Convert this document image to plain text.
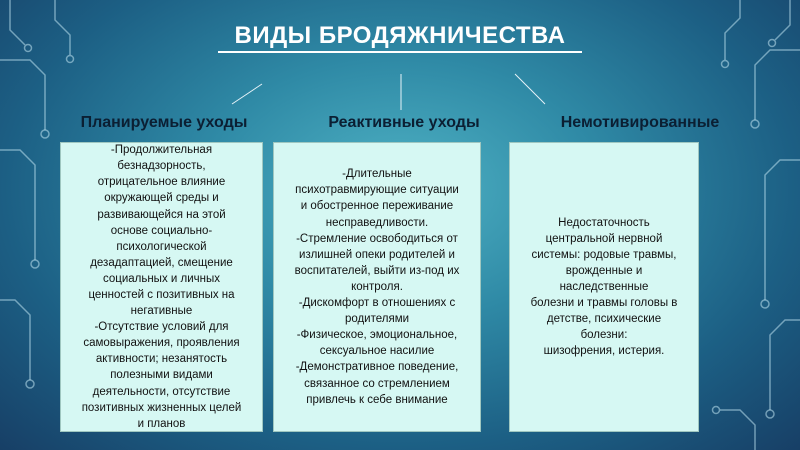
ВИДЫ БРОДЯЖНИЧЕСТВА
Планируемые уходы	Реактивные уходы	Немотивированные

-Продолжительная
безнадзорность,
отрицательное влияние
окружающей среды и
развивающейся на этой
основе социально-
психологической
дезадаптацией, смещение
социальных и личных
ценностей с позитивных на
негативные
-Отсутствие условий для
самовыражения, проявления
активности; незанятость
полезными видами
деятельности, отсутствие
позитивных жизненных целей
и планов

-Длительные
психотравмирующие ситуации
и обостренное переживание
несправедливости.
-Стремление освободиться от
излишней опеки родителей и
воспитателей, выйти из-под их
контроля.
-Дискомфорт в отношениях с
родителями
-Физическое, эмоциональное,
сексуальное насилие
-Демонстративное поведение,
связанное со стремлением
привлечь к себе внимание

Недостаточность
центральной нервной
системы: родовые травмы,
врожденные и
наследственные
болезни и травмы головы в
детстве, психические
болезни:
шизофрения, истерия.
